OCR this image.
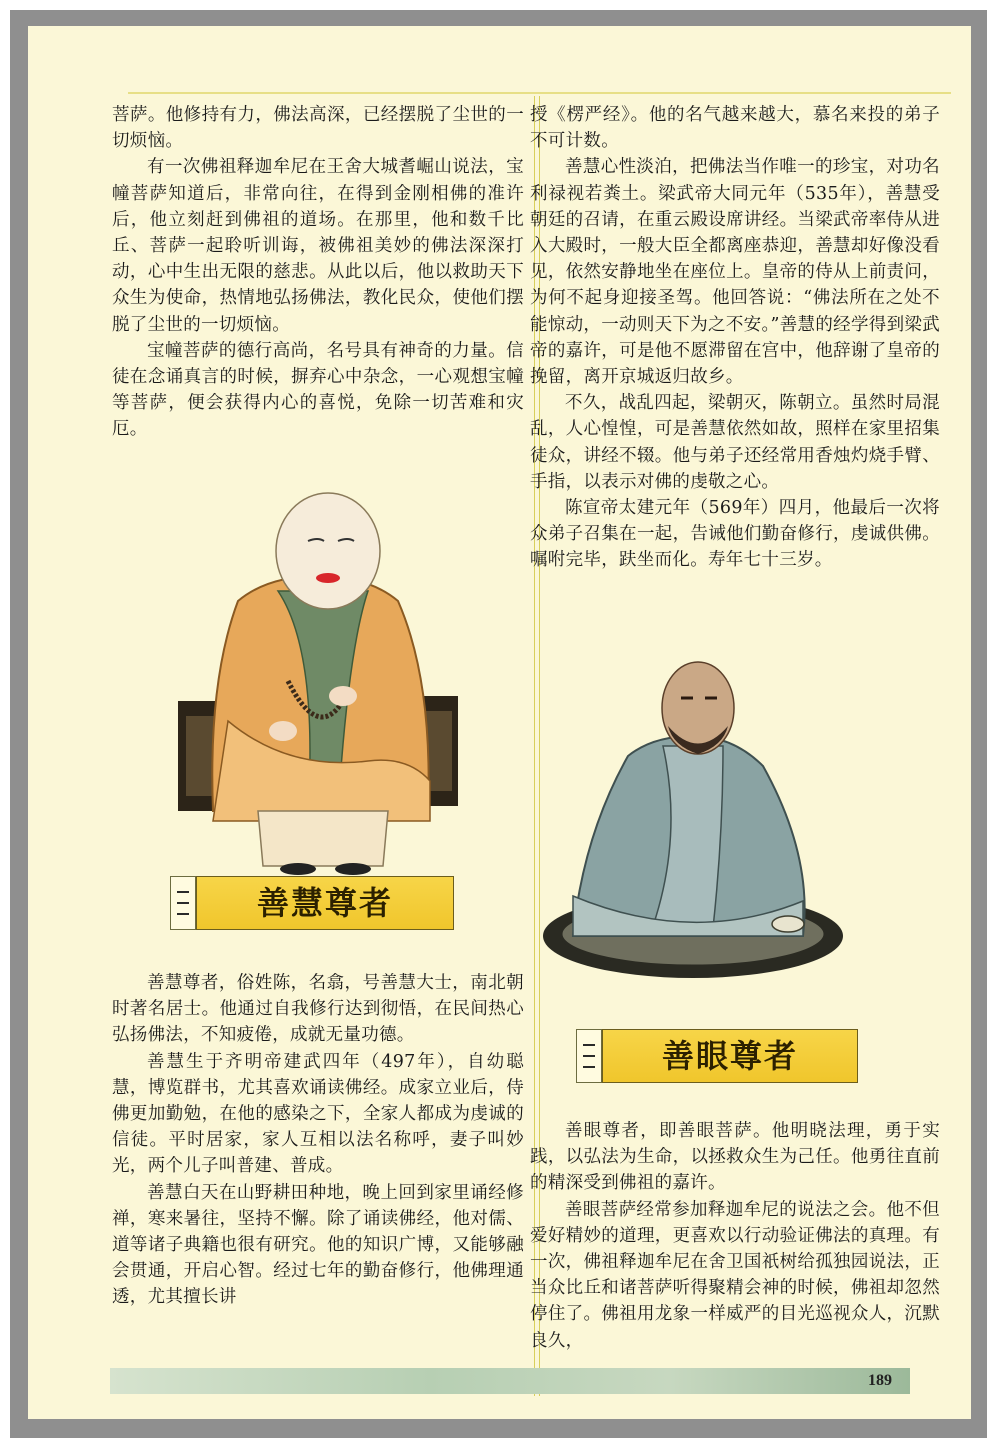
菩萨。他修持有力，佛法高深，已经摆脱了尘世的一切烦恼。

有一次佛祖释迦牟尼在王舍大城耆崛山说法，宝幢菩萨知道后，非常向往，在得到金刚相佛的准许后，他立刻赶到佛祖的道场。在那里，他和数千比丘、菩萨一起聆听训诲，被佛祖美妙的佛法深深打动，心中生出无限的慈悲。从此以后，他以救助天下众生为使命，热情地弘扬佛法，教化民众，使他们摆脱了尘世的一切烦恼。

宝幢菩萨的德行高尚，名号具有神奇的力量。信徒在念诵真言的时候，摒弃心中杂念，一心观想宝幢等菩萨，便会获得内心的喜悦，免除一切苦难和灾厄。

善慧尊者

善慧尊者，俗姓陈，名翕，号善慧大士，南北朝时著名居士。他通过自我修行达到彻悟，在民间热心弘扬佛法，不知疲倦，成就无量功德。

善慧生于齐明帝建武四年（497年），自幼聪慧，博览群书，尤其喜欢诵读佛经。成家立业后，侍佛更加勤勉，在他的感染之下，全家人都成为虔诚的信徒。平时居家，家人互相以法名称呼，妻子叫妙光，两个儿子叫普建、普成。

善慧白天在山野耕田种地，晚上回到家里诵经修禅，寒来暑往，坚持不懈。除了诵读佛经，他对儒、道等诸子典籍也很有研究。他的知识广博，又能够融会贯通，开启心智。经过七年的勤奋修行，他佛理通透，尤其擅长讲

授《楞严经》。他的名气越来越大，慕名来投的弟子不可计数。

善慧心性淡泊，把佛法当作唯一的珍宝，对功名利禄视若粪土。梁武帝大同元年（535年），善慧受朝廷的召请，在重云殿设席讲经。当梁武帝率侍从进入大殿时，一般大臣全都离座恭迎，善慧却好像没看见，依然安静地坐在座位上。皇帝的侍从上前责问，为何不起身迎接圣驾。他回答说：“佛法所在之处不能惊动，一动则天下为之不安。”善慧的经学得到梁武帝的嘉许，可是他不愿滞留在宫中，他辞谢了皇帝的挽留，离开京城返归故乡。

不久，战乱四起，梁朝灭，陈朝立。虽然时局混乱，人心惶惶，可是善慧依然如故，照样在家里招集徒众，讲经不辍。他与弟子还经常用香烛灼烧手臂、手指，以表示对佛的虔敬之心。

陈宣帝太建元年（569年）四月，他最后一次将众弟子召集在一起，告诫他们勤奋修行，虔诚供佛。嘱咐完毕，趺坐而化。寿年七十三岁。

善眼尊者

善眼尊者，即善眼菩萨。他明晓法理，勇于实践，以弘法为生命，以拯救众生为己任。他勇往直前的精深受到佛祖的嘉许。

善眼菩萨经常参加释迦牟尼的说法之会。他不但爱好精妙的道理，更喜欢以行动验证佛法的真理。有一次，佛祖释迦牟尼在舍卫国祇树给孤独园说法，正当众比丘和诸菩萨听得聚精会神的时候，佛祖却忽然停住了。佛祖用龙象一样威严的目光巡视众人，沉默良久，

189
